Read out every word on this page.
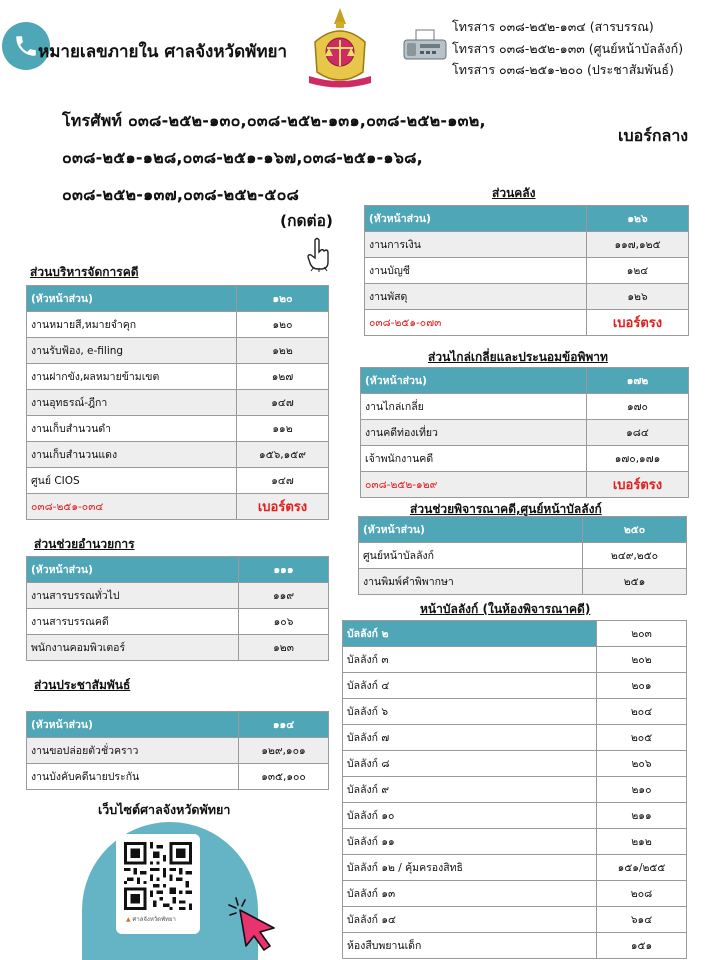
หมายเลขภายใน ศาลจังหวัดพัทยา
โทรสาร ๐๓๘-๒๕๒-๑๓๔ (สารบรรณ)
โทรสาร ๐๓๘-๒๕๒-๑๓๓ (ศูนย์หน้าบัลลังก์)
โทรสาร ๐๓๘-๒๕๑-๒๐๐ (ประชาสัมพันธ์)
โทรศัพท์ ๐๓๘-๒๕๒-๑๓๐,๐๓๘-๒๕๒-๑๓๑,๐๓๘-๒๕๒-๑๓๒,
๐๓๘-๒๕๑-๑๒๘,๐๓๘-๒๕๑-๑๖๗,๐๓๘-๒๕๑-๑๖๘,
๐๓๘-๒๕๒-๑๓๗,๐๓๘-๒๕๒-๕๐๘
เบอร์กลาง
(กดต่อ)
ส่วนบริหารจัดการคดี
(หัวหน้าส่วน)	๑๒๐
งานหมายสี,หมายจำคุก	๑๒๐
งานรับฟ้อง, e-filing	๑๒๒
งานฝากขัง,ผลหมายข้ามเขต	๑๒๗
งานอุทธรณ์-ฎีกา	๑๔๗
งานเก็บสำนวนดำ	๑๑๒
งานเก็บสำนวนแดง	๑๕๖,๑๕๙
ศูนย์ CIOS	๑๔๗
๐๓๘-๒๕๑-๐๓๔	เบอร์ตรง
ส่วนช่วยอำนวยการ
(หัวหน้าส่วน)	๑๑๑
งานสารบรรณทั่วไป	๑๑๙
งานสารบรรณคดี	๑๐๖
พนักงานคอมพิวเตอร์	๑๒๓
ส่วนประชาสัมพันธ์
(หัวหน้าส่วน)	๑๑๔
งานขอปล่อยตัวชั่วคราว	๑๒๙,๑๐๑
งานบังคับคดีนายประกัน	๑๓๕,๑๐๐
เว็บไซต์ศาลจังหวัดพัทยา
▲ ศาลจังหวัดพัทยา
ส่วนคลัง
(หัวหน้าส่วน)	๑๒๖
งานการเงิน	๑๑๗,๑๒๕
งานบัญชี	๑๒๔
งานพัสดุ	๑๒๖
๐๓๘-๒๕๑-๐๗๓	เบอร์ตรง
ส่วนไกล่เกลี่ยและประนอมข้อพิพาท
(หัวหน้าส่วน)	๑๗๒
งานไกล่เกลี่ย	๑๗๐
งานคดีท่องเที่ยว	๑๘๔
เจ้าพนักงานคดี	๑๗๐,๑๗๑
๐๓๘-๒๕๒-๑๒๙	เบอร์ตรง
ส่วนช่วยพิจารณาคดี,ศูนย์หน้าบัลลังก์
(หัวหน้าส่วน)	๒๕๐
ศูนย์หน้าบัลลังก์	๒๔๙,๒๕๐
งานพิมพ์คำพิพากษา	๒๕๑
หน้าบัลลังก์ (ในห้องพิจารณาคดี)
บัลลังก์ ๒	๒๐๓
บัลลังก์ ๓	๒๐๒
บัลลังก์ ๔	๒๐๑
บัลลังก์ ๖	๒๐๔
บัลลังก์ ๗	๒๐๕
บัลลังก์ ๘	๒๐๖
บัลลังก์ ๙	๒๑๐
บัลลังก์ ๑๐	๒๑๑
บัลลังก์ ๑๑	๒๑๒
บัลลังก์ ๑๒ / คุ้มครองสิทธิ	๑๕๑/๒๕๕
บัลลังก์ ๑๓	๒๐๘
บัลลังก์ ๑๔	๖๑๔
ห้องสืบพยานเด็ก	๑๕๑
